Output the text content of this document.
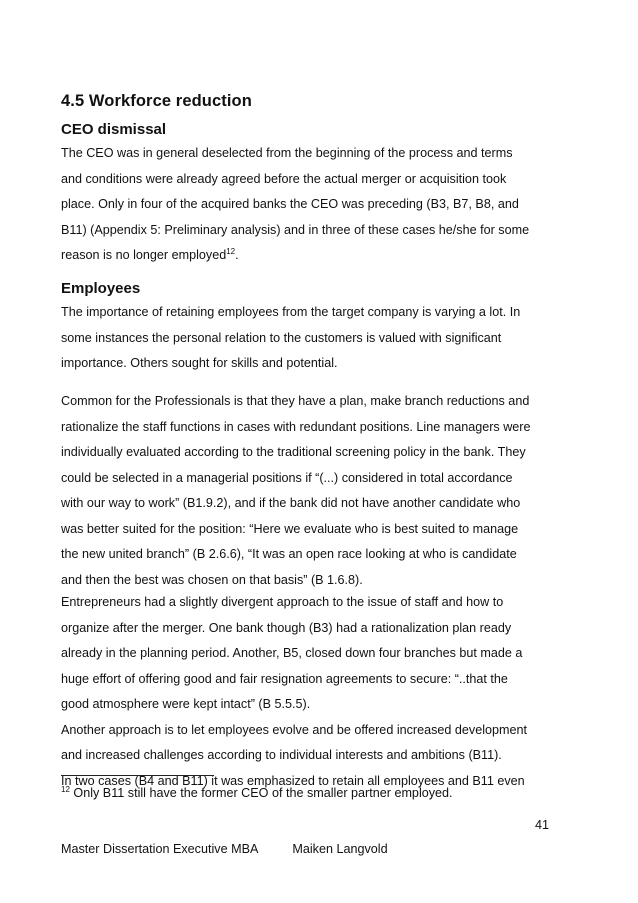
4.5 Workforce reduction
CEO dismissal

The CEO was in general deselected from the beginning of the process and terms
and conditions were already agreed before the actual merger or acquisition took
place. Only in four of the acquired banks the CEO was preceding (B3, B7, B8, and
B11) (Appendix 5: Preliminary analysis) and in three of these cases he/she for some
reason is no longer employed$^{12}$.

Employees

The importance of retaining employees from the target company is varying a lot. In
some instances the personal relation to the customers is valued with significant
importance. Others sought for skills and potential.

Common for the Professionals is that they have a plan, make branch reductions and
rationalize the staff functions in cases with redundant positions. Line managers were
individually evaluated according to the traditional screening policy in the bank. They
could be selected in a managerial positions if “(...) considered in total accordance
with our way to work” (B1.9.2), and if the bank did not have another candidate who
was better suited for the position: “Here we evaluate who is best suited to manage
the new united branch” (B 2.6.6), “It was an open race looking at who is candidate
and then the best was chosen on that basis” (B 1.6.8).

Entrepreneurs had a slightly divergent approach to the issue of staff and how to
organize after the merger. One bank though (B3) had a rationalization plan ready
already in the planning period. Another, B5, closed down four branches but made a
huge effort of offering good and fair resignation agreements to secure: “..that the
good atmosphere were kept intact” (B 5.5.5).
Another approach is to let employees evolve and be offered increased development
and increased challenges according to individual interests and ambitions (B11).
In two cases (B4 and B11) it was emphasized to retain all employees and B11 even

$^{12}$ Only B11 still have the former CEO of the smaller partner employed.

41

Master Dissertation Executive MBA	Maiken Langvold
